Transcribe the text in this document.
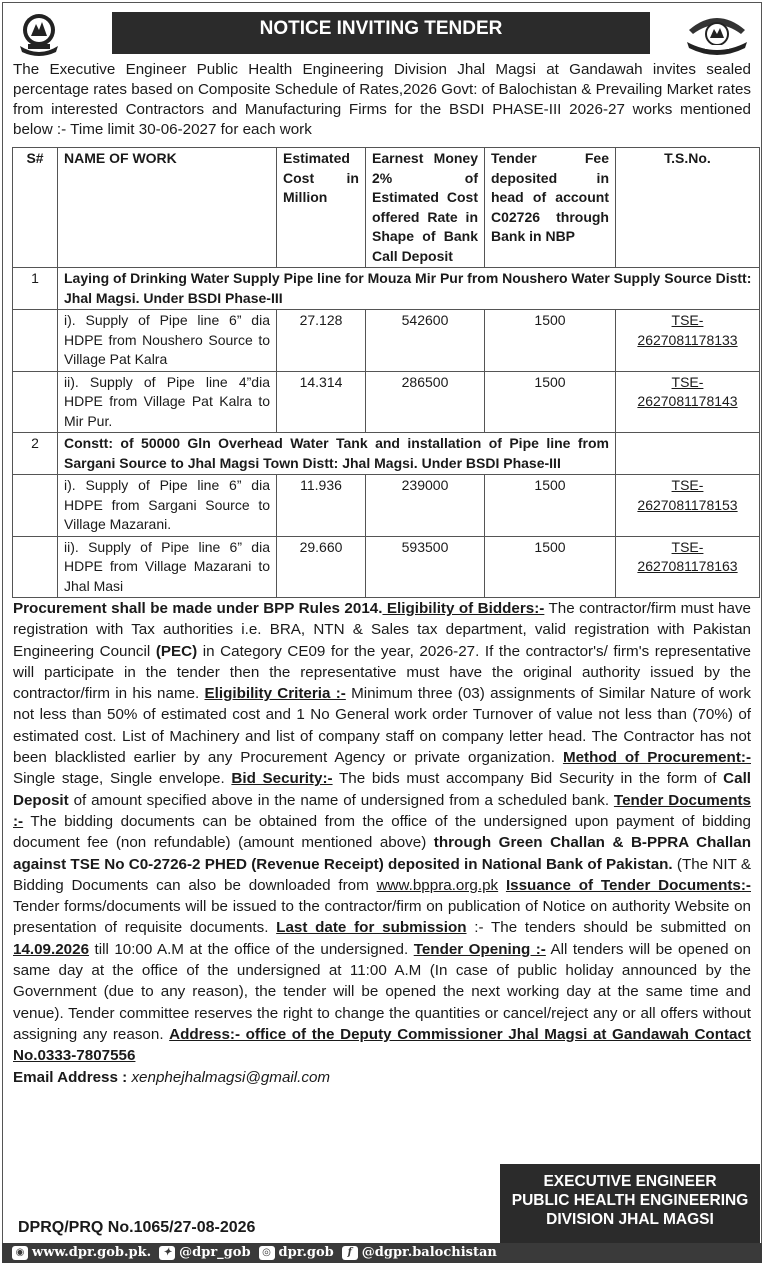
NOTICE INVITING TENDER
The Executive Engineer Public Health Engineering Division Jhal Magsi at Gandawah invites sealed percentage rates based on Composite Schedule of Rates,2026 Govt: of Balochistan & Prevailing Market rates from interested Contractors and Manufacturing Firms for the BSDI PHASE-III 2026-27 works mentioned below :- Time limit 30-06-2027 for each work
S#	NAME OF WORK	Estimated Cost in Million	Earnest Money 2% of Estimated Cost offered Rate in Shape of Bank Call Deposit	Tender Fee deposited in head of account C02726 through Bank in NBP	T.S.No.
1	Laying of Drinking Water Supply Pipe line for Mouza Mir Pur from Noushero Water Supply Source Distt: Jhal Magsi. Under BSDI Phase-III				
	i). Supply of Pipe line 6” dia HDPE from Noushero Source to Village Pat Kalra	27.128	542600	1500	TSE-2627081178133
	ii). Supply of Pipe line 4”dia HDPE from Village Pat Kalra to Mir Pur.	14.314	286500	1500	TSE-2627081178143
2	Constt: of 50000 Gln Overhead Water Tank and installation of Pipe line from Sargani Source to Jhal Magsi Town Distt: Jhal Magsi. Under BSDI Phase-III				
	i). Supply of Pipe line 6” dia HDPE from Sargani Source to Village Mazarani.	11.936	239000	1500	TSE-2627081178153
	ii). Supply of Pipe line 6” dia HDPE from Village Mazarani to Jhal Masi	29.660	593500	1500	TSE-2627081178163
Procurement shall be made under BPP Rules 2014. Eligibility of Bidders:- The contractor/firm must have registration with Tax authorities i.e. BRA, NTN & Sales tax department, valid registration with Pakistan Engineering Council (PEC) in Category CE09 for the year, 2026-27. If the contractor's/ firm's representative will participate in the tender then the representative must have the original authority issued by the contractor/firm in his name. Eligibility Criteria :- Minimum three (03) assignments of Similar Nature of work not less than 50% of estimated cost and 1 No General work order Turnover of value not less than (70%) of estimated cost. List of Machinery and list of company staff on company letter head. The Contractor has not been blacklisted earlier by any Procurement Agency or private organization. Method of Procurement:- Single stage, Single envelope. Bid Security:- The bids must accompany Bid Security in the form of Call Deposit of amount specified above in the name of undersigned from a scheduled bank. Tender Documents :- The bidding documents can be obtained from the office of the undersigned upon payment of bidding document fee (non refundable) (amount mentioned above) through Green Challan & B-PPRA Challan against TSE No C0-2726-2 PHED (Revenue Receipt) deposited in National Bank of Pakistan. (The NIT & Bidding Documents can also be downloaded from www.bppra.org.pk Issuance of Tender Documents:- Tender forms/documents will be issued to the contractor/firm on publication of Notice on authority Website on presentation of requisite documents. Last date for submission :- The tenders should be submitted on 14.09.2026 till 10:00 A.M at the office of the undersigned. Tender Opening :- All tenders will be opened on same day at the office of the undersigned at 11:00 A.M (In case of public holiday announced by the Government (due to any reason), the tender will be opened the next working day at the same time and venue). Tender committee reserves the right to change the quantities or cancel/reject any or all offers without assigning any reason. Address:- office of the Deputy Commissioner Jhal Magsi at Gandawah Contact No.0333-7807556
Email Address : xenphejhalmagsi@gmail.com
DPRQ/PRQ No.1065/27-08-2026
EXECUTIVE ENGINEER
PUBLIC HEALTH ENGINEERING
DIVISION JHAL MAGSI
◉ www.dpr.gob.pk.	✦ @dpr_gob	◎ dpr.gob	f @dgpr.balochistan
